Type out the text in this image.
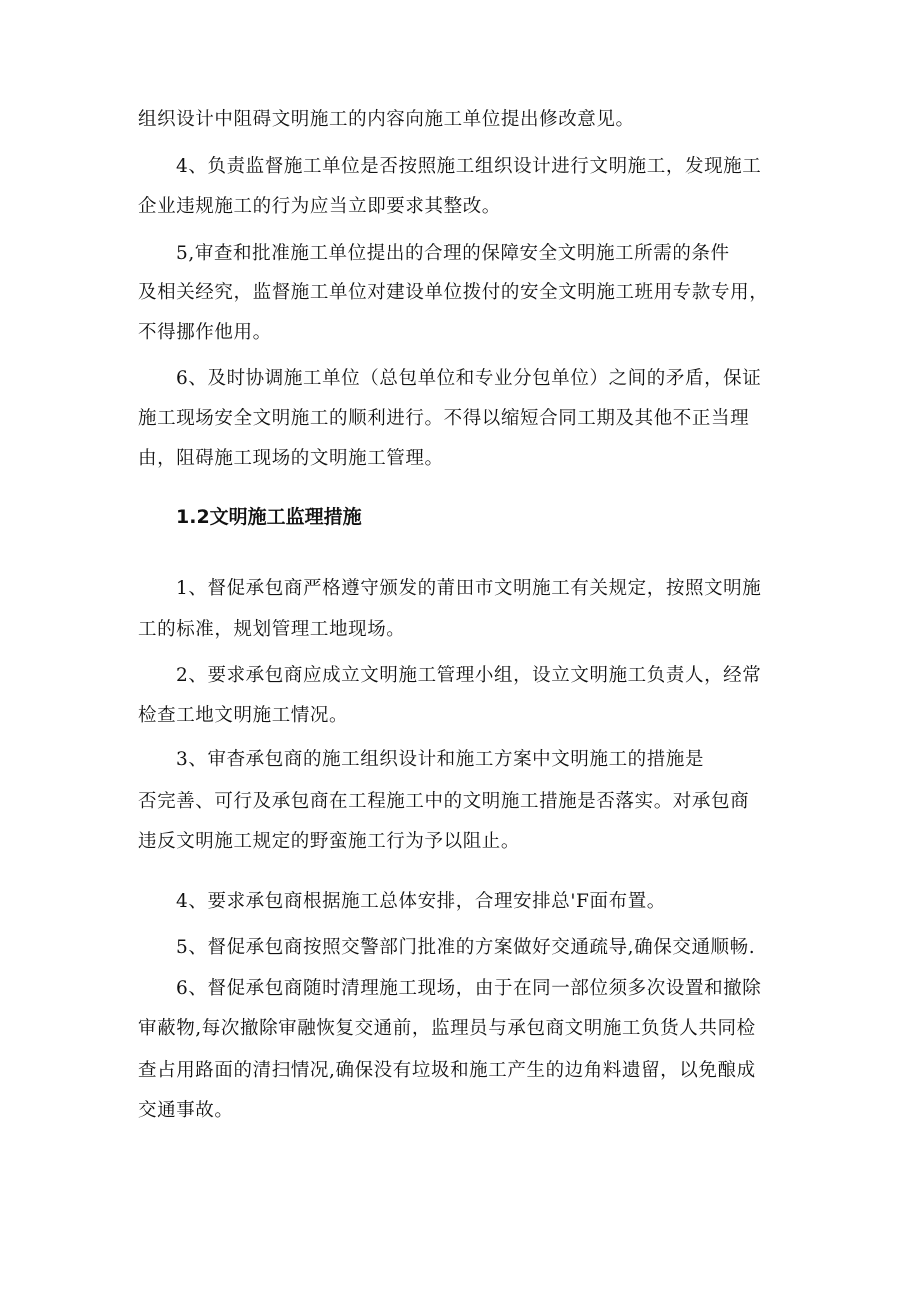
组织设计中阻碍文明施工的内容向施工单位提出修改意见。

4、负责监督施工单位是否按照施工组织设计进行文明施工，发现施工

企业违规施工的行为应当立即要求其整改。

5,审查和批准施工单位提出的合理的保障安全文明施工所需的条件

及相关经究，监督施工单位对建设单位拨付的安全文明施工班用专款专用，

不得挪作他用。

6、及时协调施工单位（总包单位和专业分包单位）之间的矛盾，保证

施工现场安全文明施工的顺利进行。不得以缩短合同工期及其他不正当理

由，阻碍施工现场的文明施工管理。

1.2文明施工监理措施

1、督促承包商严格遵守颁发的莆田市文明施工有关规定，按照文明施

工的标准，规划管理工地现场。

2、要求承包商应成立文明施工管理小组，设立文明施工负责人，经常

检查工地文明施工情况。

3、审杳承包商的施工组织设计和施工方案中文明施工的措施是

否完善、可行及承包商在工程施工中的文明施工措施是否落实。对承包商

违反文明施工规定的野蛮施工行为予以阻止。

4、要求承包商根据施工总体安排，合理安排总'F面布置。

5、督促承包商按照交警部门批准的方案做好交通疏导,确保交通顺畅.

6、督促承包商随时清理施工现场，由于在同一部位须多次设置和撤除

审蔽物,每次撤除审融恢复交通前，监理员与承包商文明施工负货人共同检

查占用路面的清扫情况,确保没有垃圾和施工产生的边角料遗留，以免酿成

交通事故。
